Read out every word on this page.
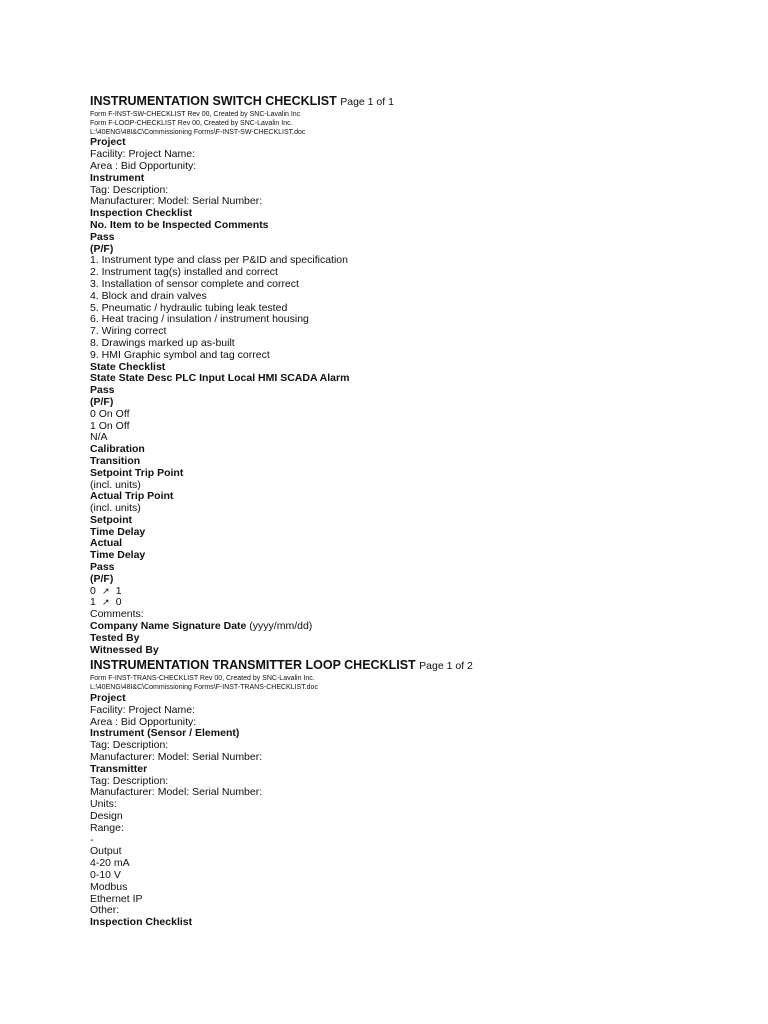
INSTRUMENTATION SWITCH CHECKLIST Page 1 of 1
Form F-INST-SW-CHECKLIST Rev 00, Created by SNC-Lavalin Inc
Form F-LOOP-CHECKLIST Rev 00, Created by SNC-Lavalin Inc.
L:\40ENG\48I&C\Commissioning Forms\F-INST-SW-CHECKLIST.doc
Project
Facility: Project Name:
Area : Bid Opportunity:
Instrument
Tag: Description:
Manufacturer: Model: Serial Number:
Inspection Checklist
No. Item to be Inspected Comments
Pass
(P/F)
1. Instrument type and class per P&ID and specification
2. Instrument tag(s) installed and correct
3. Installation of sensor complete and correct
4. Block and drain valves
5. Pneumatic / hydraulic tubing leak tested
6. Heat tracing / insulation / instrument housing
7. Wiring correct
8. Drawings marked up as-built
9. HMI Graphic symbol and tag correct
State Checklist
State State Desc PLC Input Local HMI SCADA Alarm
Pass
(P/F)
0 On Off
1 On Off
N/A
Calibration
Transition
Setpoint Trip Point
(incl. units)
Actual Trip Point
(incl. units)
Setpoint
Time Delay
Actual
Time Delay
Pass
(P/F)
0 ↗ 1
1 ↗ 0
Comments:
Company Name Signature Date (yyyy/mm/dd)
Tested By
Witnessed By
INSTRUMENTATION TRANSMITTER LOOP CHECKLIST Page 1 of 2
Form F-INST-TRANS-CHECKLIST Rev 00, Created by SNC-Lavalin Inc.
L:\40ENG\48I&C\Commissioning Forms\F-INST-TRANS-CHECKLIST.doc
Project
Facility: Project Name:
Area : Bid Opportunity:
Instrument (Sensor / Element)
Tag: Description:
Manufacturer: Model: Serial Number:
Transmitter
Tag: Description:
Manufacturer: Model: Serial Number:
Units:
Design
Range:
-
Output
4-20 mA
0-10 V
Modbus
Ethernet IP
Other:
Inspection Checklist
